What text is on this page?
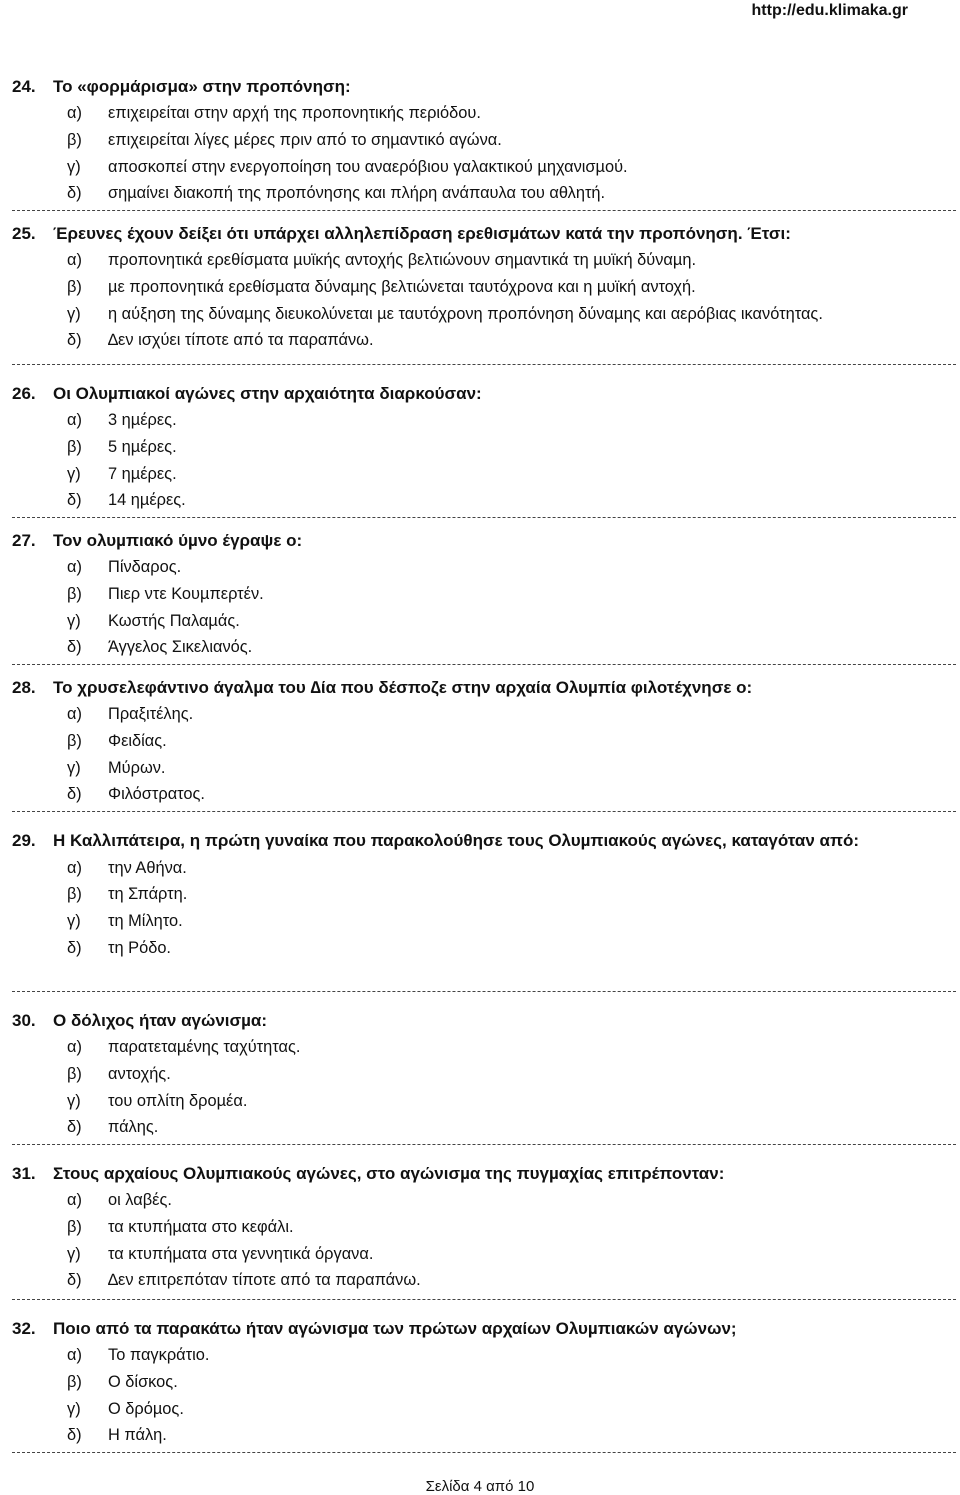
http://edu.klimaka.gr
24.	Το «φορμάρισμα» στην προπόνηση:
α)	επιχειρείται στην αρχή της προπονητικής περιόδου.
β)	επιχειρείται λίγες µέρες πριν από το σηµαντικό αγώνα.
γ)	αποσκοπεί στην ενεργοποίηση του αναερόβιου γαλακτικού µηχανισµού.
δ)	σηµαίνει διακοπή της προπόνησης και πλήρη ανάπαυλα του αθλητή.
25.	Έρευνες έχουν δείξει ότι υπάρχει αλληλεπίδραση ερεθισµάτων κατά την προπόνηση. Έτσι:
α)	προπονητικά ερεθίσµατα µυϊκής αντοχής βελτιώνουν σηµαντικά τη µυϊκή δύναµη.
β)	µε προπονητικά ερεθίσµατα δύναµης βελτιώνεται ταυτόχρονα και η µυϊκή αντοχή.
γ)	η αύξηση της δύναµης διευκολύνεται µε ταυτόχρονη προπόνηση δύναµης και αερόβιας ικανότητας.
δ)	∆εν ισχύει τίποτε από τα παραπάνω.
26.	Οι Ολυµπιακοί αγώνες στην αρχαιότητα διαρκούσαν:
α)	3 ηµέρες.
β)	5 ηµέρες.
γ)	7 ηµέρες.
δ)	14 ηµέρες.
27.	Τον ολυµπιακό ύµνο έγραψε ο:
α)	Πίνδαρος.
β)	Πιερ ντε Κουµπερτέν.
γ)	Κωστής Παλαµάς.
δ)	Άγγελος Σικελιανός.
28.	Το χρυσελεφάντινο άγαλµα του ∆ία που δέσποζε στην αρχαία Ολυµπία φιλοτέχνησε ο:
α)	Πραξιτέλης.
β)	Φειδίας.
γ)	Μύρων.
δ)	Φιλόστρατος.
29.	Η Καλλιπάτειρα, η πρώτη γυναίκα που παρακολούθησε τους Ολυµπιακούς αγώνες, καταγόταν από:
α)	την Αθήνα.
β)	τη Σπάρτη.
γ)	τη Μίλητο.
δ)	τη Ρόδο.
30.	Ο δόλιχος ήταν αγώνισµα:
α)	παρατεταµένης ταχύτητας.
β)	αντοχής.
γ)	του οπλίτη δροµέα.
δ)	πάλης.
31.	Στους αρχαίους Ολυµπιακούς αγώνες, στο αγώνισµα της πυγµαχίας επιτρέπονταν:
α)	οι λαβές.
β)	τα κτυπήµατα στο κεφάλι.
γ)	τα κτυπήµατα στα γεννητικά όργανα.
δ)	∆εν επιτρεπόταν τίποτε από τα παραπάνω.
32.	Ποιο από τα παρακάτω ήταν αγώνισµα των πρώτων αρχαίων Ολυµπιακών αγώνων;
α)	Το παγκράτιο.
β)	Ο δίσκος.
γ)	Ο δρόµος.
δ)	Η πάλη.
Σελίδα 4 από 10
